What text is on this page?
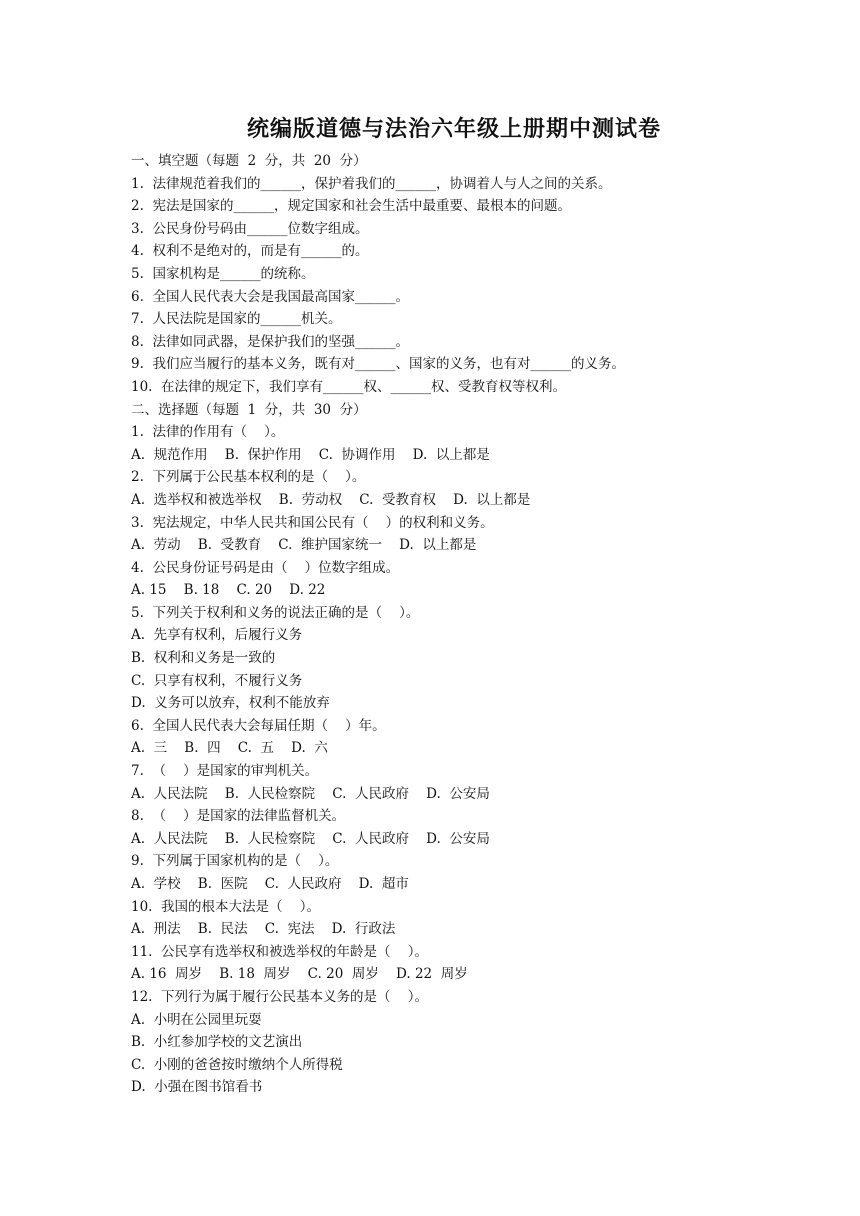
统编版道德与法治六年级上册期中测试卷
一、填空题（每题  2  分，共  20  分）
1.  法律规范着我们的______，保护着我们的______，协调着人与人之间的关系。
2.  宪法是国家的______，规定国家和社会生活中最重要、最根本的问题。
3.  公民身份号码由______位数字组成。
4.  权利不是绝对的，而是有______的。
5.  国家机构是______的统称。
6.  全国人民代表大会是我国最高国家______。
7.  人民法院是国家的______机关。
8.  法律如同武器，是保护我们的坚强______。
9.  我们应当履行的基本义务，既有对______、国家的义务，也有对______的义务。
10.  在法律的规定下，我们享有______权、______权、受教育权等权利。
二、选择题（每题  1  分，共  30  分）
1.  法律的作用有（    ）。
A.  规范作用    B.  保护作用    C.  协调作用    D.  以上都是
2.  下列属于公民基本权利的是（    ）。
A.  选举权和被选举权    B.  劳动权    C.  受教育权    D.  以上都是
3.  宪法规定，中华人民共和国公民有（    ）的权利和义务。
A.  劳动    B.  受教育    C.  维护国家统一    D.  以上都是
4.  公民身份证号码是由（    ）位数字组成。
A. 15    B. 18    C. 20    D. 22
5.  下列关于权利和义务的说法正确的是（    ）。
A.  先享有权利，后履行义务
B.  权利和义务是一致的
C.  只享有权利，不履行义务
D.  义务可以放弃，权利不能放弃
6.  全国人民代表大会每届任期（    ）年。
A.  三    B.  四    C.  五    D.  六
7.  （    ）是国家的审判机关。
A.  人民法院    B.  人民检察院    C.  人民政府    D.  公安局
8.  （    ）是国家的法律监督机关。
A.  人民法院    B.  人民检察院    C.  人民政府    D.  公安局
9.  下列属于国家机构的是（    ）。
A.  学校    B.  医院    C.  人民政府    D.  超市
10.  我国的根本大法是（    ）。
A.  刑法    B.  民法    C.  宪法    D.  行政法
11.  公民享有选举权和被选举权的年龄是（    ）。
A. 16  周岁    B. 18  周岁    C. 20  周岁    D. 22  周岁
12.  下列行为属于履行公民基本义务的是（    ）。
A.  小明在公园里玩耍
B.  小红参加学校的文艺演出
C.  小刚的爸爸按时缴纳个人所得税
D.  小强在图书馆看书
